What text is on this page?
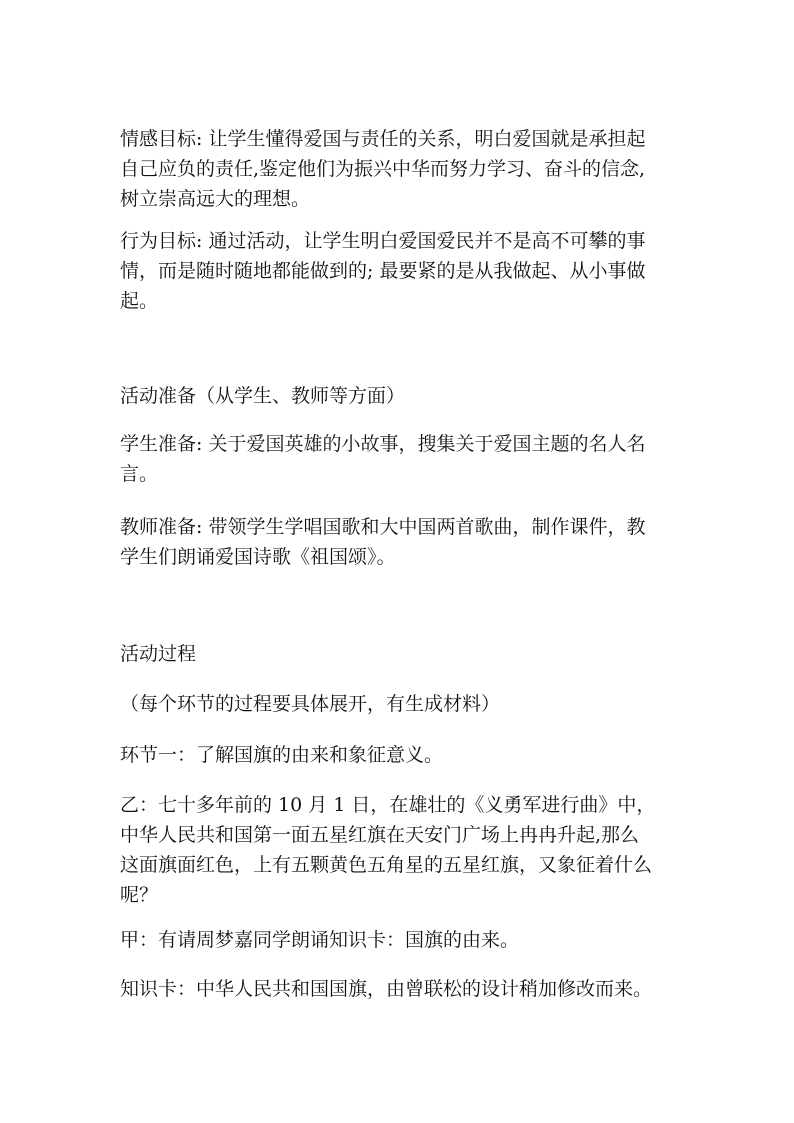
情感目标: 让学生懂得爱国与责任的关系，明白爱国就是承担起
自己应负的责任,鉴定他们为振兴中华而努力学习、奋斗的信念,
树立崇高远大的理想。

行为目标: 通过活动，让学生明白爱国爱民并不是高不可攀的事
情，而是随时随地都能做到的; 最要紧的是从我做起、从小事做
起。

活动准备（从学生、教师等方面）

学生准备: 关于爱国英雄的小故事，搜集关于爱国主题的名人名
言。

教师准备: 带领学生学唱国歌和大中国两首歌曲，制作课件，教
学生们朗诵爱国诗歌《祖国颂》。

活动过程

（每个环节的过程要具体展开，有生成材料）

环节一：了解国旗的由来和象征意义。

乙：七十多年前的 10 月 1 日，在雄壮的《义勇军进行曲》中，
中华人民共和国第一面五星红旗在天安门广场上冉冉升起,那么
这面旗面红色，上有五颗黄色五角星的五星红旗，又象征着什么
呢？

甲：有请周梦嘉同学朗诵知识卡：国旗的由来。

知识卡：中华人民共和国国旗，由曾联松的设计稍加修改而来。
